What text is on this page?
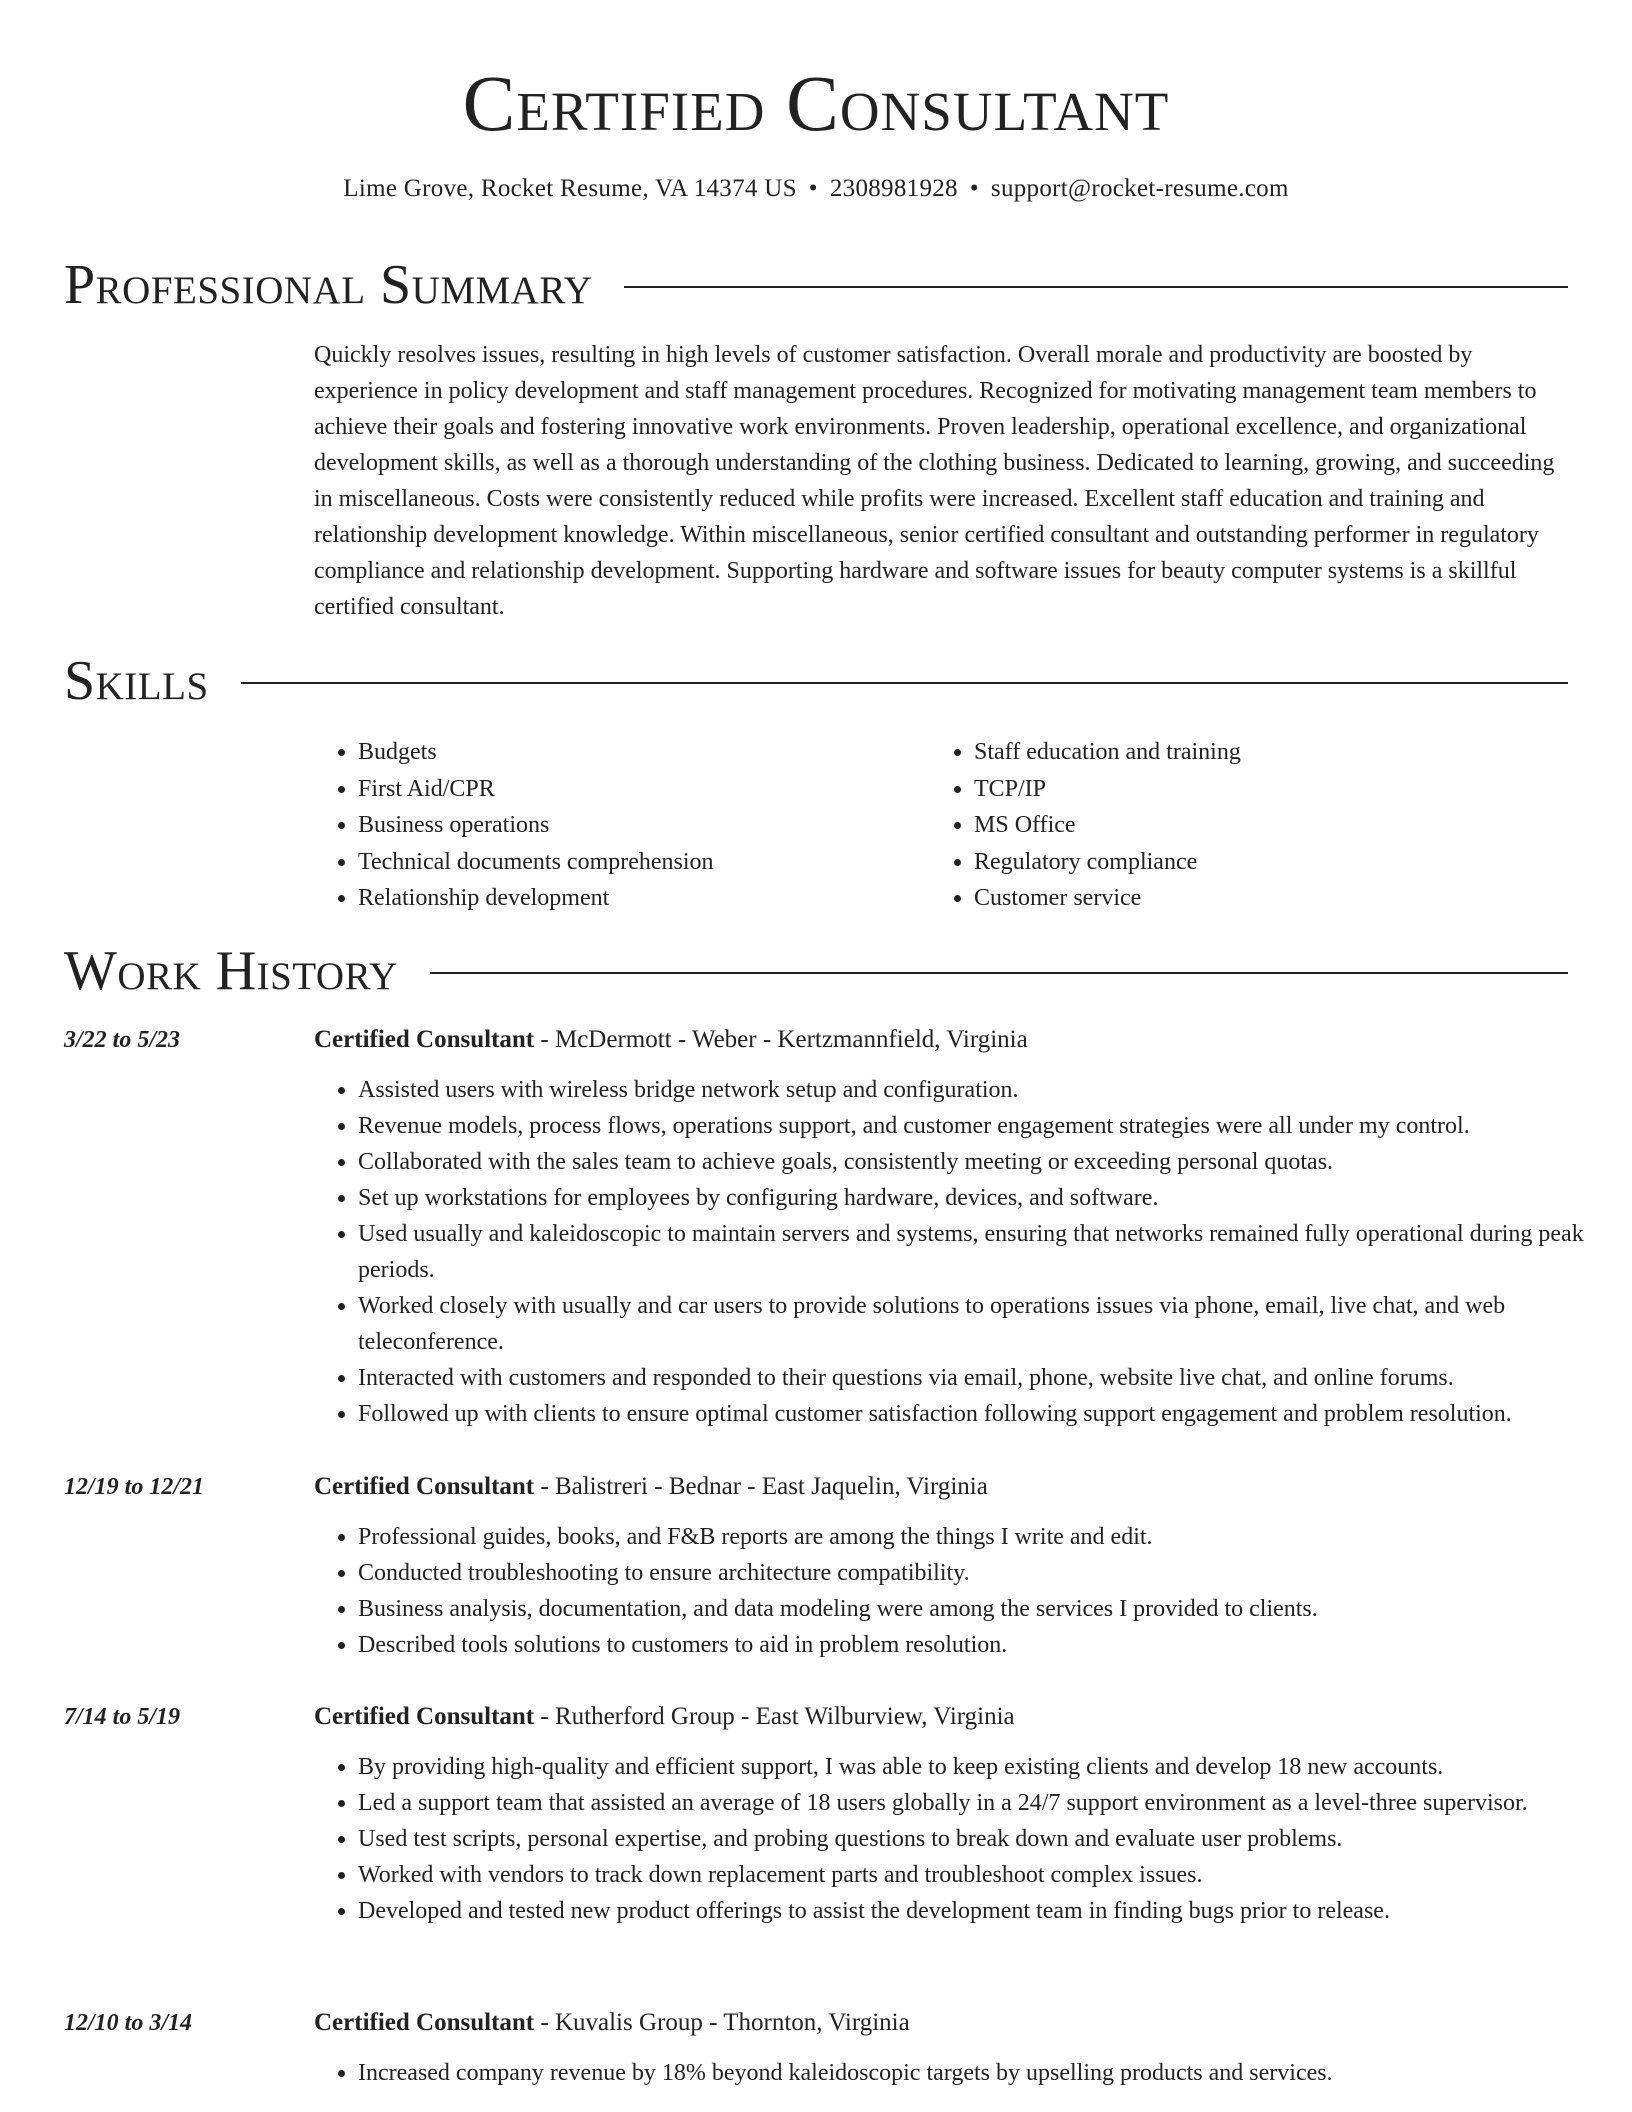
Certified Consultant
Lime Grove, Rocket Resume, VA 14374 US • 2308981928 • support@rocket-resume.com
Professional Summary

Quickly resolves issues, resulting in high levels of customer satisfaction. Overall morale and productivity are boosted by experience in policy development and staff management procedures. Recognized for motivating management team members to achieve their goals and fostering innovative work environments. Proven leadership, operational excellence, and organizational development skills, as well as a thorough understanding of the clothing business. Dedicated to learning, growing, and succeeding in miscellaneous. Costs were consistently reduced while profits were increased. Excellent staff education and training and relationship development knowledge. Within miscellaneous, senior certified consultant and outstanding performer in regulatory compliance and relationship development. Supporting hardware and software issues for beauty computer systems is a skillful certified consultant.

Skills
• Budgets
• First Aid/CPR
• Business operations
• Technical documents comprehension
• Relationship development
• Staff education and training
• TCP/IP
• MS Office
• Regulatory compliance
• Customer service
Work History
3/22 to 5/23	Certified Consultant - McDermott - Weber - Kertzmannfield, Virginia
• Assisted users with wireless bridge network setup and configuration.
• Revenue models, process flows, operations support, and customer engagement strategies were all under my control.
• Collaborated with the sales team to achieve goals, consistently meeting or exceeding personal quotas.
• Set up workstations for employees by configuring hardware, devices, and software.
• Used usually and kaleidoscopic to maintain servers and systems, ensuring that networks remained fully operational during peak periods.
• Worked closely with usually and car users to provide solutions to operations issues via phone, email, live chat, and web teleconference.
• Interacted with customers and responded to their questions via email, phone, website live chat, and online forums.
• Followed up with clients to ensure optimal customer satisfaction following support engagement and problem resolution.
12/19 to 12/21	Certified Consultant - Balistreri - Bednar - East Jaquelin, Virginia
• Professional guides, books, and F&B reports are among the things I write and edit.
• Conducted troubleshooting to ensure architecture compatibility.
• Business analysis, documentation, and data modeling were among the services I provided to clients.
• Described tools solutions to customers to aid in problem resolution.
7/14 to 5/19	Certified Consultant - Rutherford Group - East Wilburview, Virginia
• By providing high-quality and efficient support, I was able to keep existing clients and develop 18 new accounts.
• Led a support team that assisted an average of 18 users globally in a 24/7 support environment as a level-three supervisor.
• Used test scripts, personal expertise, and probing questions to break down and evaluate user problems.
• Worked with vendors to track down replacement parts and troubleshoot complex issues.
• Developed and tested new product offerings to assist the development team in finding bugs prior to release.
12/10 to 3/14	Certified Consultant - Kuvalis Group - Thornton, Virginia
• Increased company revenue by 18% beyond kaleidoscopic targets by upselling products and services.
